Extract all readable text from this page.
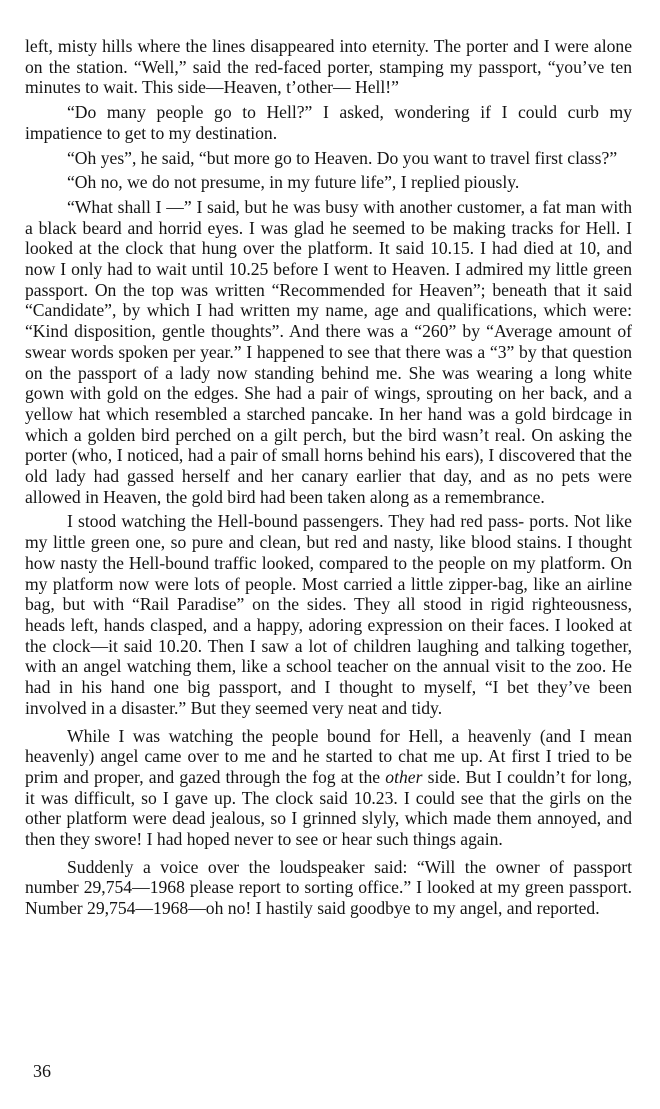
left, misty hills where the lines disappeared into eternity. The porter and I were alone on the station. “Well,” said the red-faced porter, stamping my passport, “you’ve ten minutes to wait. This side—Heaven, t’other— Hell!”

“Do many people go to Hell?” I asked, wondering if I could curb my impatience to get to my destination.

“Oh yes”, he said, “but more go to Heaven. Do you want to travel first class?”

“Oh no, we do not presume, in my future life”, I replied piously.

“What shall I —” I said, but he was busy with another customer, a fat man with a black beard and horrid eyes. I was glad he seemed to be making tracks for Hell. I looked at the clock that hung over the platform. It said 10.15. I had died at 10, and now I only had to wait until 10.25 before I went to Heaven. I admired my little green passport. On the top was written “Recommended for Heaven”; beneath that it said “Candidate”, by which I had written my name, age and qualifications, which were: “Kind disposition, gentle thoughts”. And there was a “260” by “Average amount of swear words spoken per year.” I happened to see that there was a “3” by that question on the passport of a lady now standing behind me. She was wearing a long white gown with gold on the edges. She had a pair of wings, sprouting on her back, and a yellow hat which resembled a starched pancake. In her hand was a gold birdcage in which a golden bird perched on a gilt perch, but the bird wasn’t real. On asking the porter (who, I noticed, had a pair of small horns behind his ears), I discovered that the old lady had gassed herself and her canary earlier that day, and as no pets were allowed in Heaven, the gold bird had been taken along as a remembrance.

I stood watching the Hell-bound passengers. They had red pass- ports. Not like my little green one, so pure and clean, but red and nasty, like blood stains. I thought how nasty the Hell-bound traffic looked, compared to the people on my platform. On my platform now were lots of people. Most carried a little zipper-bag, like an airline bag, but with “Rail Paradise” on the sides. They all stood in rigid righteousness, heads left, hands clasped, and a happy, adoring expression on their faces. I looked at the clock—it said 10.20. Then I saw a lot of children laughing and talking together, with an angel watching them, like a school teacher on the annual visit to the zoo. He had in his hand one big passport, and I thought to myself, “I bet they’ve been involved in a disaster.” But they seemed very neat and tidy.

While I was watching the people bound for Hell, a heavenly (and I mean heavenly) angel came over to me and he started to chat me up. At first I tried to be prim and proper, and gazed through the fog at the other side. But I couldn’t for long, it was difficult, so I gave up. The clock said 10.23. I could see that the girls on the other platform were dead jealous, so I grinned slyly, which made them annoyed, and then they swore! I had hoped never to see or hear such things again.

Suddenly a voice over the loudspeaker said: “Will the owner of passport number 29,754—1968 please report to sorting office.” I looked at my green passport. Number 29,754—1968—oh no! I hastily said goodbye to my angel, and reported.

36
